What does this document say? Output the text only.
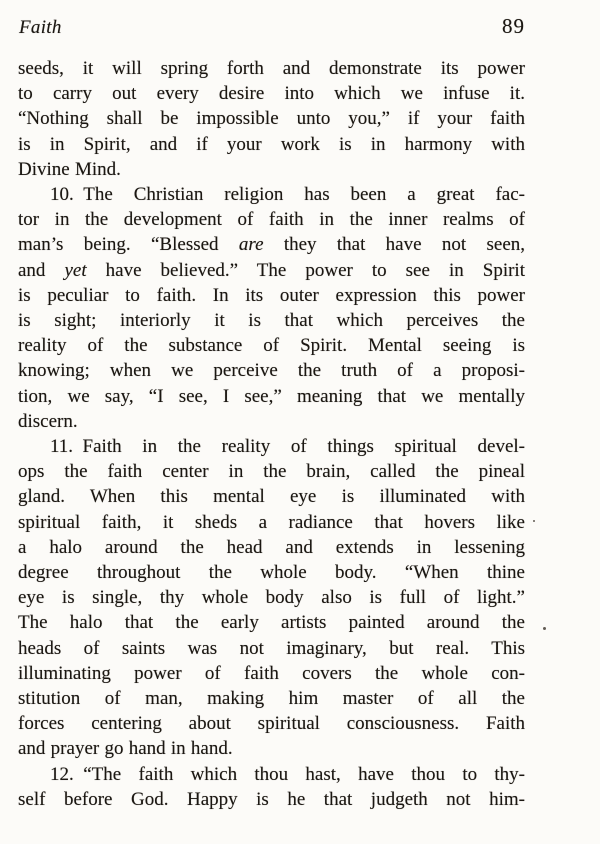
Faith	89
seeds, it will spring forth and demonstrate its power
to carry out every desire into which we infuse it.
“Nothing shall be impossible unto you,” if your faith
is in Spirit, and if your work is in harmony with
Divine Mind.
10. The Christian religion has been a great fac-
tor in the development of faith in the inner realms of
man’s being. “Blessed are they that have not seen,
and yet have believed.” The power to see in Spirit
is peculiar to faith. In its outer expression this power
is sight; interiorly it is that which perceives the
reality of the substance of Spirit. Mental seeing is
knowing; when we perceive the truth of a proposi-
tion, we say, “I see, I see,” meaning that we mentally
discern.
11. Faith in the reality of things spiritual devel-
ops the faith center in the brain, called the pineal
gland. When this mental eye is illuminated with
spiritual faith, it sheds a radiance that hovers like
a halo around the head and extends in lessening
degree throughout the whole body. “When thine
eye is single, thy whole body also is full of light.”
The halo that the early artists painted around the
heads of saints was not imaginary, but real. This
illuminating power of faith covers the whole con-
stitution of man, making him master of all the
forces centering about spiritual consciousness. Faith
and prayer go hand in hand.
12. “The faith which thou hast, have thou to thy-
self before God. Happy is he that judgeth not him-
